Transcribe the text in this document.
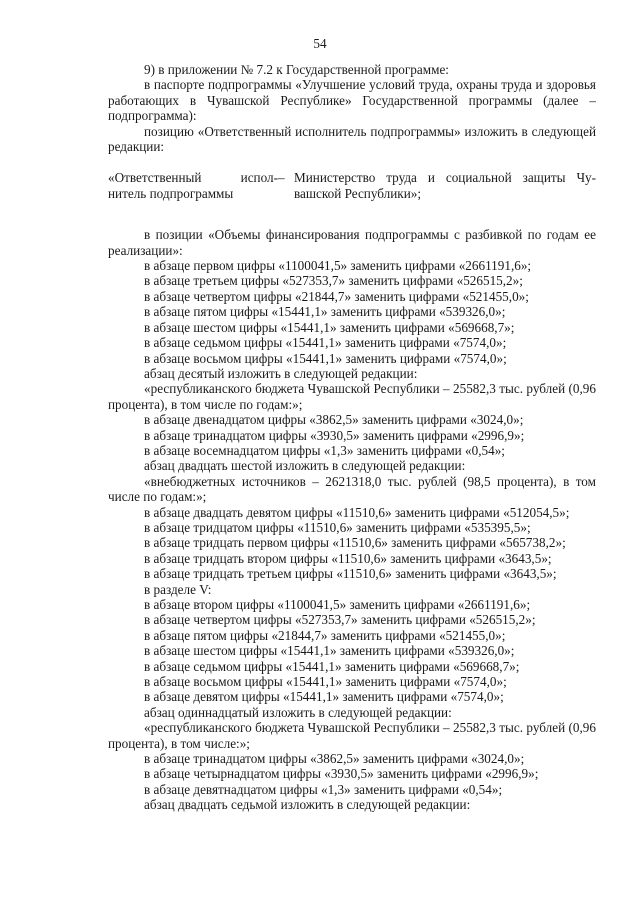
54

9) в приложении № 7.2 к Государственной программе:

в паспорте подпрограммы «Улучшение условий труда, охраны труда и здоровья работающих в Чувашской Республике» Государственной программы (далее – подпрограмма):

позицию «Ответственный исполнитель подпрограммы» изложить в следующей редакции:

«Ответственный испол-
нитель подпрограммы
– Министерство труда и социальной защиты Чу-
вашской Республики»;

в позиции «Объемы финансирования подпрограммы с разбивкой по годам ее реализации»:

в абзаце первом цифры «1100041,5» заменить цифрами «2661191,6»;

в абзаце третьем цифры «527353,7» заменить цифрами «526515,2»;

в абзаце четвертом цифры «21844,7» заменить цифрами «521455,0»;

в абзаце пятом цифры «15441,1» заменить цифрами «539326,0»;

в абзаце шестом цифры «15441,1» заменить цифрами «569668,7»;

в абзаце седьмом цифры «15441,1» заменить цифрами «7574,0»;

в абзаце восьмом цифры «15441,1» заменить цифрами «7574,0»;

абзац десятый изложить в следующей редакции:

«республиканского бюджета Чувашской Республики – 25582,3 тыс. рублей (0,96 процента), в том числе по годам:»;

в абзаце двенадцатом цифры «3862,5» заменить цифрами «3024,0»;

в абзаце тринадцатом цифры «3930,5» заменить цифрами «2996,9»;

в абзаце восемнадцатом цифры «1,3» заменить цифрами «0,54»;

абзац двадцать шестой изложить в следующей редакции:

«внебюджетных источников – 2621318,0 тыс. рублей (98,5 процента), в том числе по годам:»;

в абзаце двадцать девятом цифры «11510,6» заменить цифрами «512054,5»;

в абзаце тридцатом цифры «11510,6» заменить цифрами «535395,5»;

в абзаце тридцать первом цифры «11510,6» заменить цифрами «565738,2»;

в абзаце тридцать втором цифры «11510,6» заменить цифрами «3643,5»;

в абзаце тридцать третьем цифры «11510,6» заменить цифрами «3643,5»;

в разделе V:

в абзаце втором цифры «1100041,5» заменить цифрами «2661191,6»;

в абзаце четвертом цифры «527353,7» заменить цифрами «526515,2»;

в абзаце пятом цифры «21844,7» заменить цифрами «521455,0»;

в абзаце шестом цифры «15441,1» заменить цифрами «539326,0»;

в абзаце седьмом цифры «15441,1» заменить цифрами «569668,7»;

в абзаце восьмом цифры «15441,1» заменить цифрами «7574,0»;

в абзаце девятом цифры «15441,1» заменить цифрами «7574,0»;

абзац одиннадцатый изложить в следующей редакции:

«республиканского бюджета Чувашской Республики – 25582,3 тыс. рублей (0,96 процента), в том числе:»;

в абзаце тринадцатом цифры «3862,5» заменить цифрами «3024,0»;

в абзаце четырнадцатом цифры «3930,5» заменить цифрами «2996,9»;

в абзаце девятнадцатом цифры «1,3» заменить цифрами «0,54»;

абзац двадцать седьмой изложить в следующей редакции:
